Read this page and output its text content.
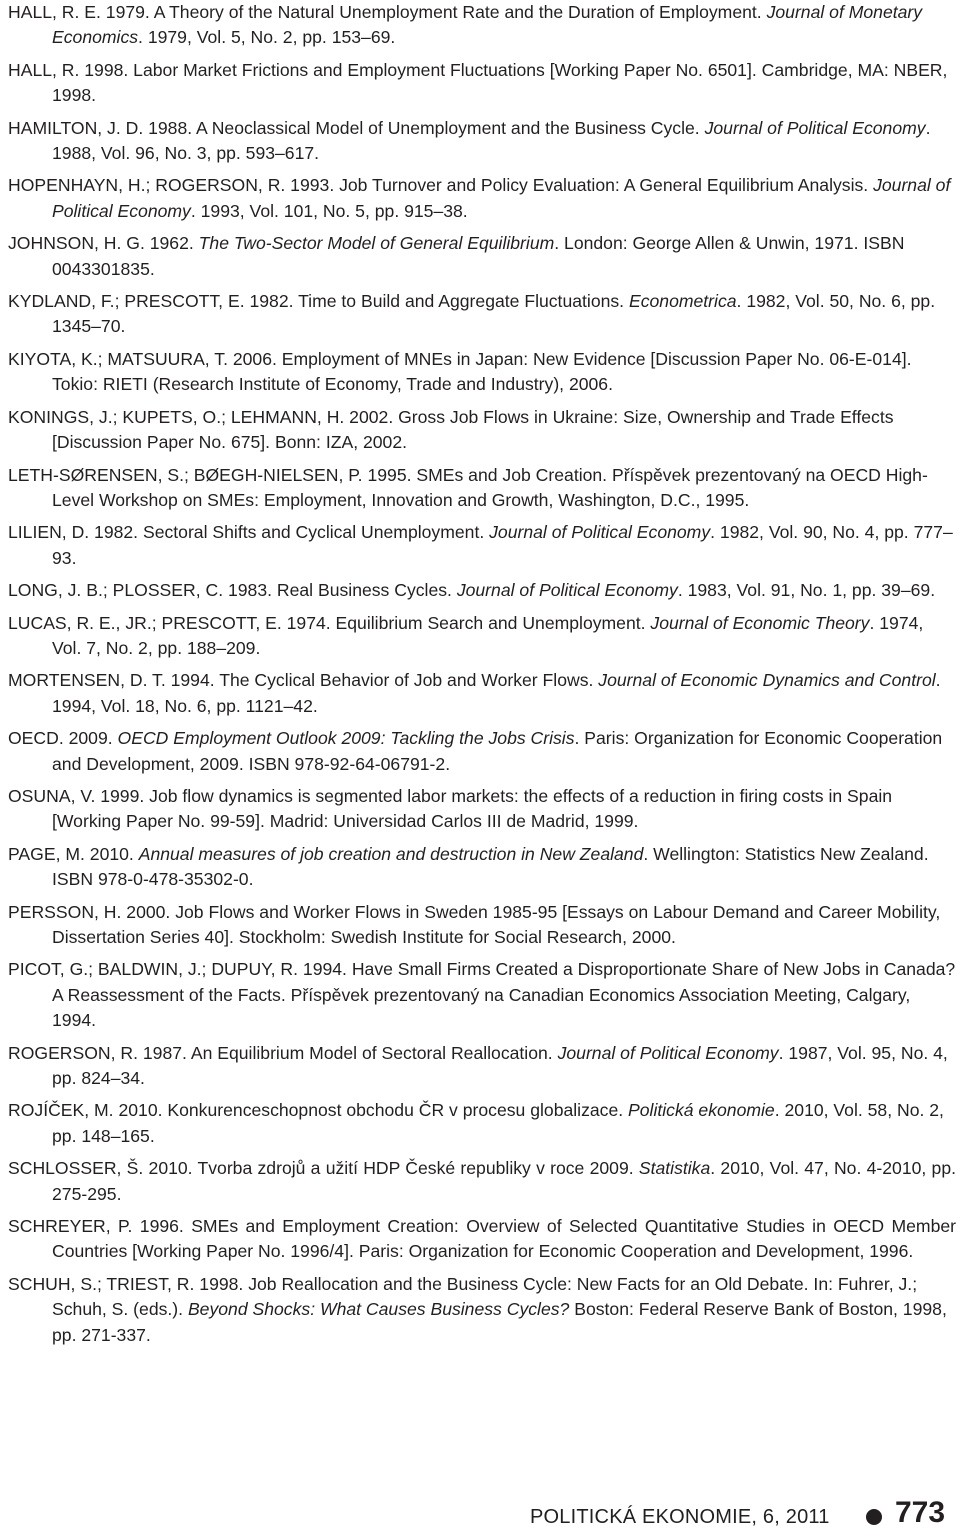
HALL, R. E. 1979. A Theory of the Natural Unemployment Rate and the Duration of Employment. Journal of Monetary Economics. 1979, Vol. 5, No. 2, pp. 153–69.

HALL, R. 1998. Labor Market Frictions and Employment Fluctuations [Working Paper No. 6501]. Cambridge, MA: NBER, 1998.

HAMILTON, J. D. 1988. A Neoclassical Model of Unemployment and the Business Cycle. Journal of Political Economy. 1988, Vol. 96, No. 3, pp. 593–617.

HOPENHAYN, H.; ROGERSON, R. 1993. Job Turnover and Policy Evaluation: A General Equilibrium Analysis. Journal of Political Economy. 1993, Vol. 101, No. 5, pp. 915–38.

JOHNSON, H. G. 1962. The Two-Sector Model of General Equilibrium. London: George Allen & Unwin, 1971. ISBN 0043301835.

KYDLAND, F.; PRESCOTT, E. 1982. Time to Build and Aggregate Fluctuations. Econometrica. 1982, Vol. 50, No. 6, pp. 1345–70.

KIYOTA, K.; MATSUURA, T. 2006. Employment of MNEs in Japan: New Evidence [Discussion Paper No. 06-E-014]. Tokio: RIETI (Research Institute of Economy, Trade and Industry), 2006.

KONINGS, J.; KUPETS, O.; LEHMANN, H. 2002. Gross Job Flows in Ukraine: Size, Ownership and Trade Effects [Discussion Paper No. 675]. Bonn: IZA, 2002.

LETH-SØRENSEN, S.; BØEGH-NIELSEN, P. 1995. SMEs and Job Creation. Příspěvek prezentovaný na OECD High-Level Workshop on SMEs: Employment, Innovation and Growth, Washington, D.C., 1995.

LILIEN, D. 1982. Sectoral Shifts and Cyclical Unemployment. Journal of Political Economy. 1982, Vol. 90, No. 4, pp. 777–93.

LONG, J. B.; PLOSSER, C. 1983. Real Business Cycles. Journal of Political Economy. 1983, Vol. 91, No. 1, pp. 39–69.

LUCAS, R. E., JR.; PRESCOTT, E. 1974. Equilibrium Search and Unemployment. Journal of Economic Theory. 1974, Vol. 7, No. 2, pp. 188–209.

MORTENSEN, D. T. 1994. The Cyclical Behavior of Job and Worker Flows. Journal of Economic Dynamics and Control. 1994, Vol. 18, No. 6, pp. 1121–42.

OECD. 2009. OECD Employment Outlook 2009: Tackling the Jobs Crisis. Paris: Organization for Economic Cooperation and Development, 2009. ISBN 978-92-64-06791-2.

OSUNA, V. 1999. Job flow dynamics is segmented labor markets: the effects of a reduction in firing costs in Spain [Working Paper No. 99-59]. Madrid: Universidad Carlos III de Madrid, 1999.

PAGE, M. 2010. Annual measures of job creation and destruction in New Zealand. Wellington: Statistics New Zealand. ISBN 978-0-478-35302-0.

PERSSON, H. 2000. Job Flows and Worker Flows in Sweden 1985-95 [Essays on Labour Demand and Career Mobility, Dissertation Series 40]. Stockholm: Swedish Institute for Social Research, 2000.

PICOT, G.; BALDWIN, J.; DUPUY, R. 1994. Have Small Firms Created a Disproportionate Share of New Jobs in Canada? A Reassessment of the Facts. Příspěvek prezentovaný na Canadian Economics Association Meeting, Calgary, 1994.

ROGERSON, R. 1987. An Equilibrium Model of Sectoral Reallocation. Journal of Political Economy. 1987, Vol. 95, No. 4, pp. 824–34.

ROJÍČEK, M. 2010. Konkurenceschopnost obchodu ČR v procesu globalizace. Politická ekonomie. 2010, Vol. 58, No. 2, pp. 148–165.

SCHLOSSER, Š. 2010. Tvorba zdrojů a užití HDP České republiky v roce 2009. Statistika. 2010, Vol. 47, No. 4-2010, pp. 275-295.

SCHREYER, P. 1996. SMEs and Employment Creation: Overview of Selected Quantitative Studies in OECD Member Countries [Working Paper No. 1996/4]. Paris: Organization for Economic Cooperation and Development, 1996.

SCHUH, S.; TRIEST, R. 1998. Job Reallocation and the Business Cycle: New Facts for an Old Debate. In: Fuhrer, J.; Schuh, S. (eds.). Beyond Shocks: What Causes Business Cycles? Boston: Federal Reserve Bank of Boston, 1998, pp. 271-337.

POLITICKÁ EKONOMIE, 6, 2011 773
